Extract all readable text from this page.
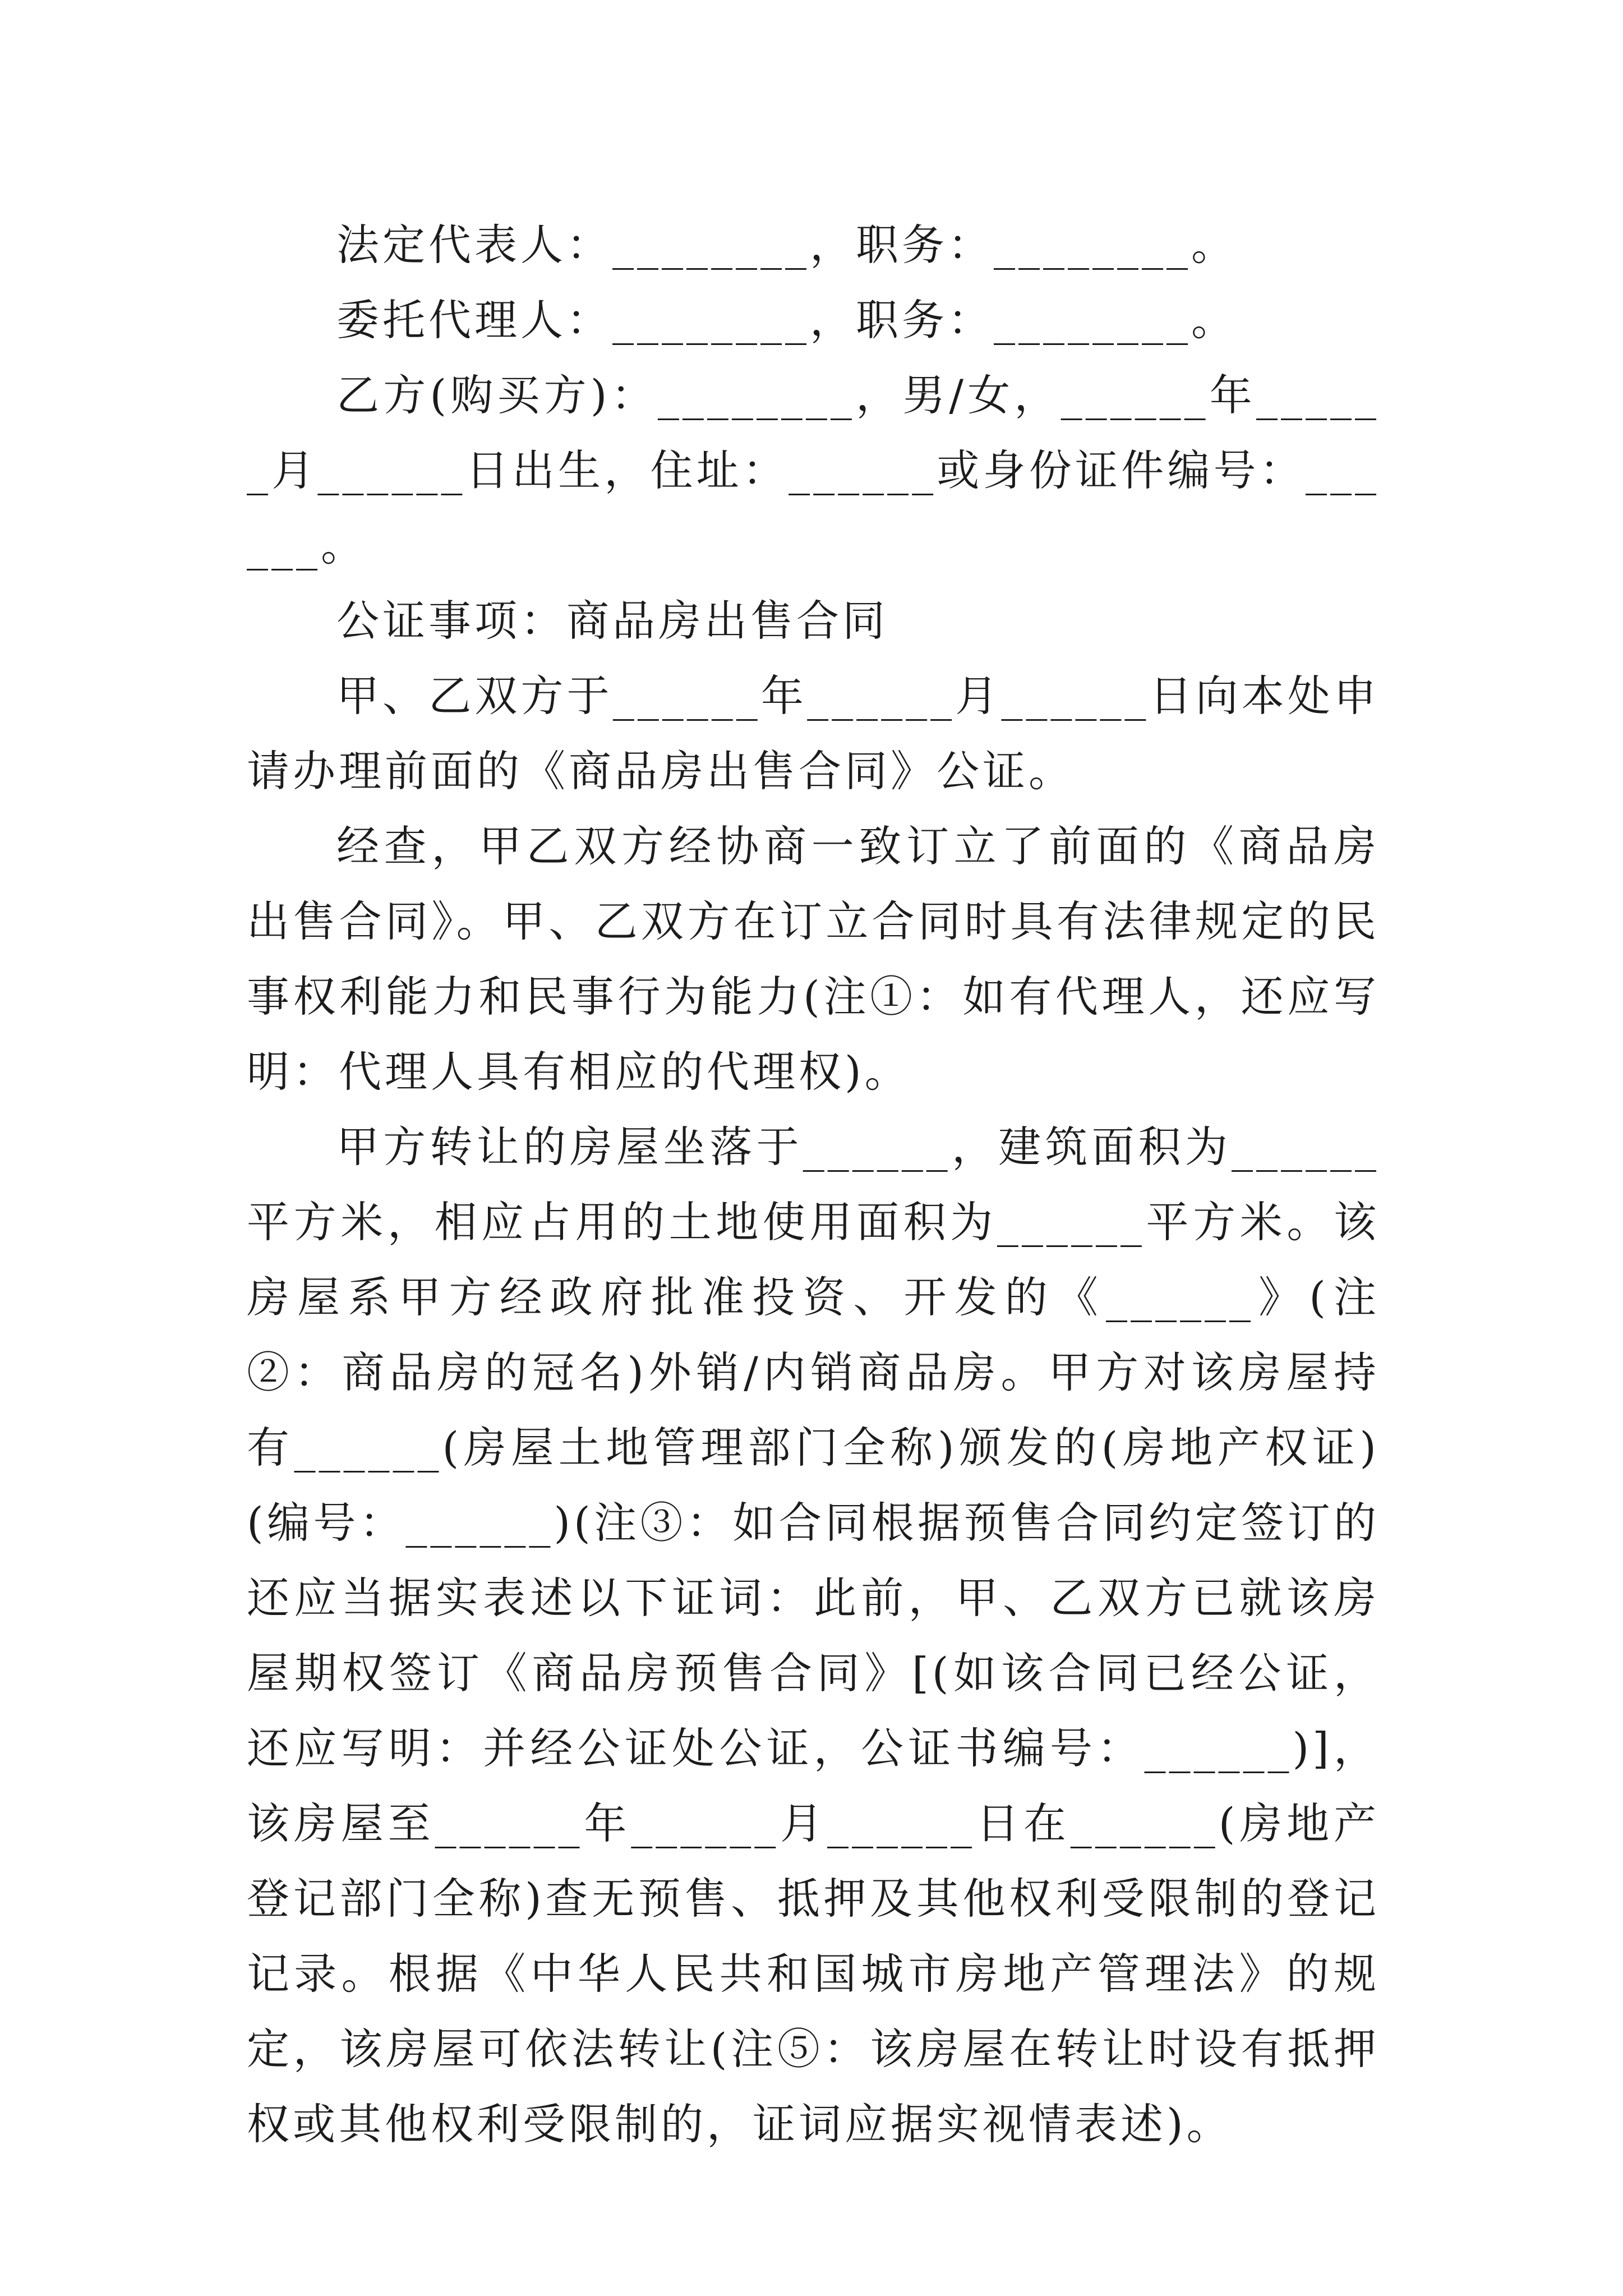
法定代表人：________，职务：________。

委托代理人：________，职务：________。

乙方(购买方)：________，男/女，______年______月______日出生，住址：______或身份证件编号：______。

公证事项：商品房出售合同

甲、乙双方于______年______月______日向本处申请办理前面的《商品房出售合同》公证。

经查，甲乙双方经协商一致订立了前面的《商品房出售合同》。甲、乙双方在订立合同时具有法律规定的民事权利能力和民事行为能力(注①：如有代理人，还应写明：代理人具有相应的代理权)。

甲方转让的房屋坐落于______，建筑面积为______平方米，相应占用的土地使用面积为______平方米。该房屋系甲方经政府批准投资、开发的《______》(注②：商品房的冠名)外销/内销商品房。甲方对该房屋持有______(房屋土地管理部门全称)颁发的(房地产权证)(编号：______)(注③：如合同根据预售合同约定签订的还应当据实表述以下证词：此前，甲、乙双方已就该房屋期权签订《商品房预售合同》[(如该合同已经公证，还应写明：并经公证处公证，公证书编号：______)]，该房屋至______年______月______日在______(房地产登记部门全称)查无预售、抵押及其他权利受限制的登记记录。根据《中华人民共和国城市房地产管理法》的规定，该房屋可依法转让(注⑤：该房屋在转让时设有抵押权或其他权利受限制的，证词应据实视情表述)。
